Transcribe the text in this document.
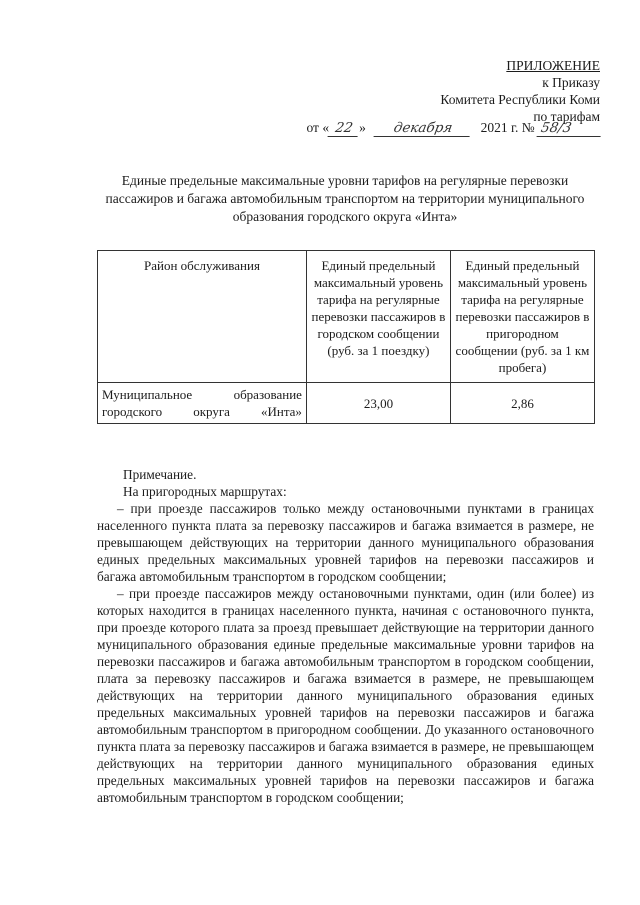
ПРИЛОЖЕНИЕ
к Приказу
Комитета Республики Коми
по тарифам
от « 22 » декабря 2021 г. № 58/3
Единые предельные максимальные уровни тарифов на регулярные перевозки пассажиров и багажа автомобильным транспортом на территории муниципального образования городского округа «Инта»
Район обслуживания	Единый предельный максимальный уровень тарифа на регулярные перевозки пассажиров в городском сообщении (руб. за 1 поездку)	Единый предельный максимальный уровень тарифа на регулярные перевозки пассажиров в пригородном сообщении (руб. за 1 км пробега)
Муниципальное образование городского округа «Инта»	23,00	2,86

Примечание.

На пригородных маршрутах:

– при проезде пассажиров только между остановочными пунктами в границах населенного пункта плата за перевозку пассажиров и багажа взимается в размере, не превышающем действующих на территории данного муниципального образования единых предельных максимальных уровней тарифов на перевозки пассажиров и багажа автомобильным транспортом в городском сообщении;

– при проезде пассажиров между остановочными пунктами, один (или более) из которых находится в границах населенного пункта, начиная с остановочного пункта, при проезде которого плата за проезд превышает действующие на территории данного муниципального образования единые предельные максимальные уровни тарифов на перевозки пассажиров и багажа автомобильным транспортом в городском сообщении, плата за перевозку пассажиров и багажа взимается в размере, не превышающем действующих на территории данного муниципального образования единых предельных максимальных уровней тарифов на перевозки пассажиров и багажа автомобильным транспортом в пригородном сообщении. До указанного остановочного пункта плата за перевозку пассажиров и багажа взимается в размере, не превышающем действующих на территории данного муниципального образования единых предельных максимальных уровней тарифов на перевозки пассажиров и багажа автомобильным транспортом в городском сообщении;
